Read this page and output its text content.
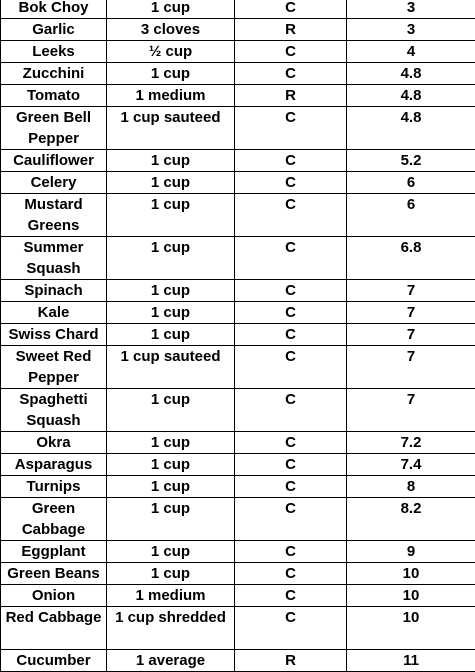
Bok Choy	1 cup	C	3
Garlic	3 cloves	R	3
Leeks	½ cup	C	4
Zucchini	1 cup	C	4.8
Tomato	1 medium	R	4.8
Green Bell Pepper	1 cup sauteed	C	4.8
Cauliflower	1 cup	C	5.2
Celery	1 cup	C	6
Mustard Greens	1 cup	C	6
Summer Squash	1 cup	C	6.8
Spinach	1 cup	C	7
Kale	1 cup	C	7
Swiss Chard	1 cup	C	7
Sweet Red Pepper	1 cup sauteed	C	7
Spaghetti Squash	1 cup	C	7
Okra	1 cup	C	7.2
Asparagus	1 cup	C	7.4
Turnips	1 cup	C	8
Green Cabbage	1 cup	C	8.2
Eggplant	1 cup	C	9
Green Beans	1 cup	C	10
Onion	1 medium	C	10
Red Cabbage	1 cup shredded	C	10
Cucumber	1 average	R	11
